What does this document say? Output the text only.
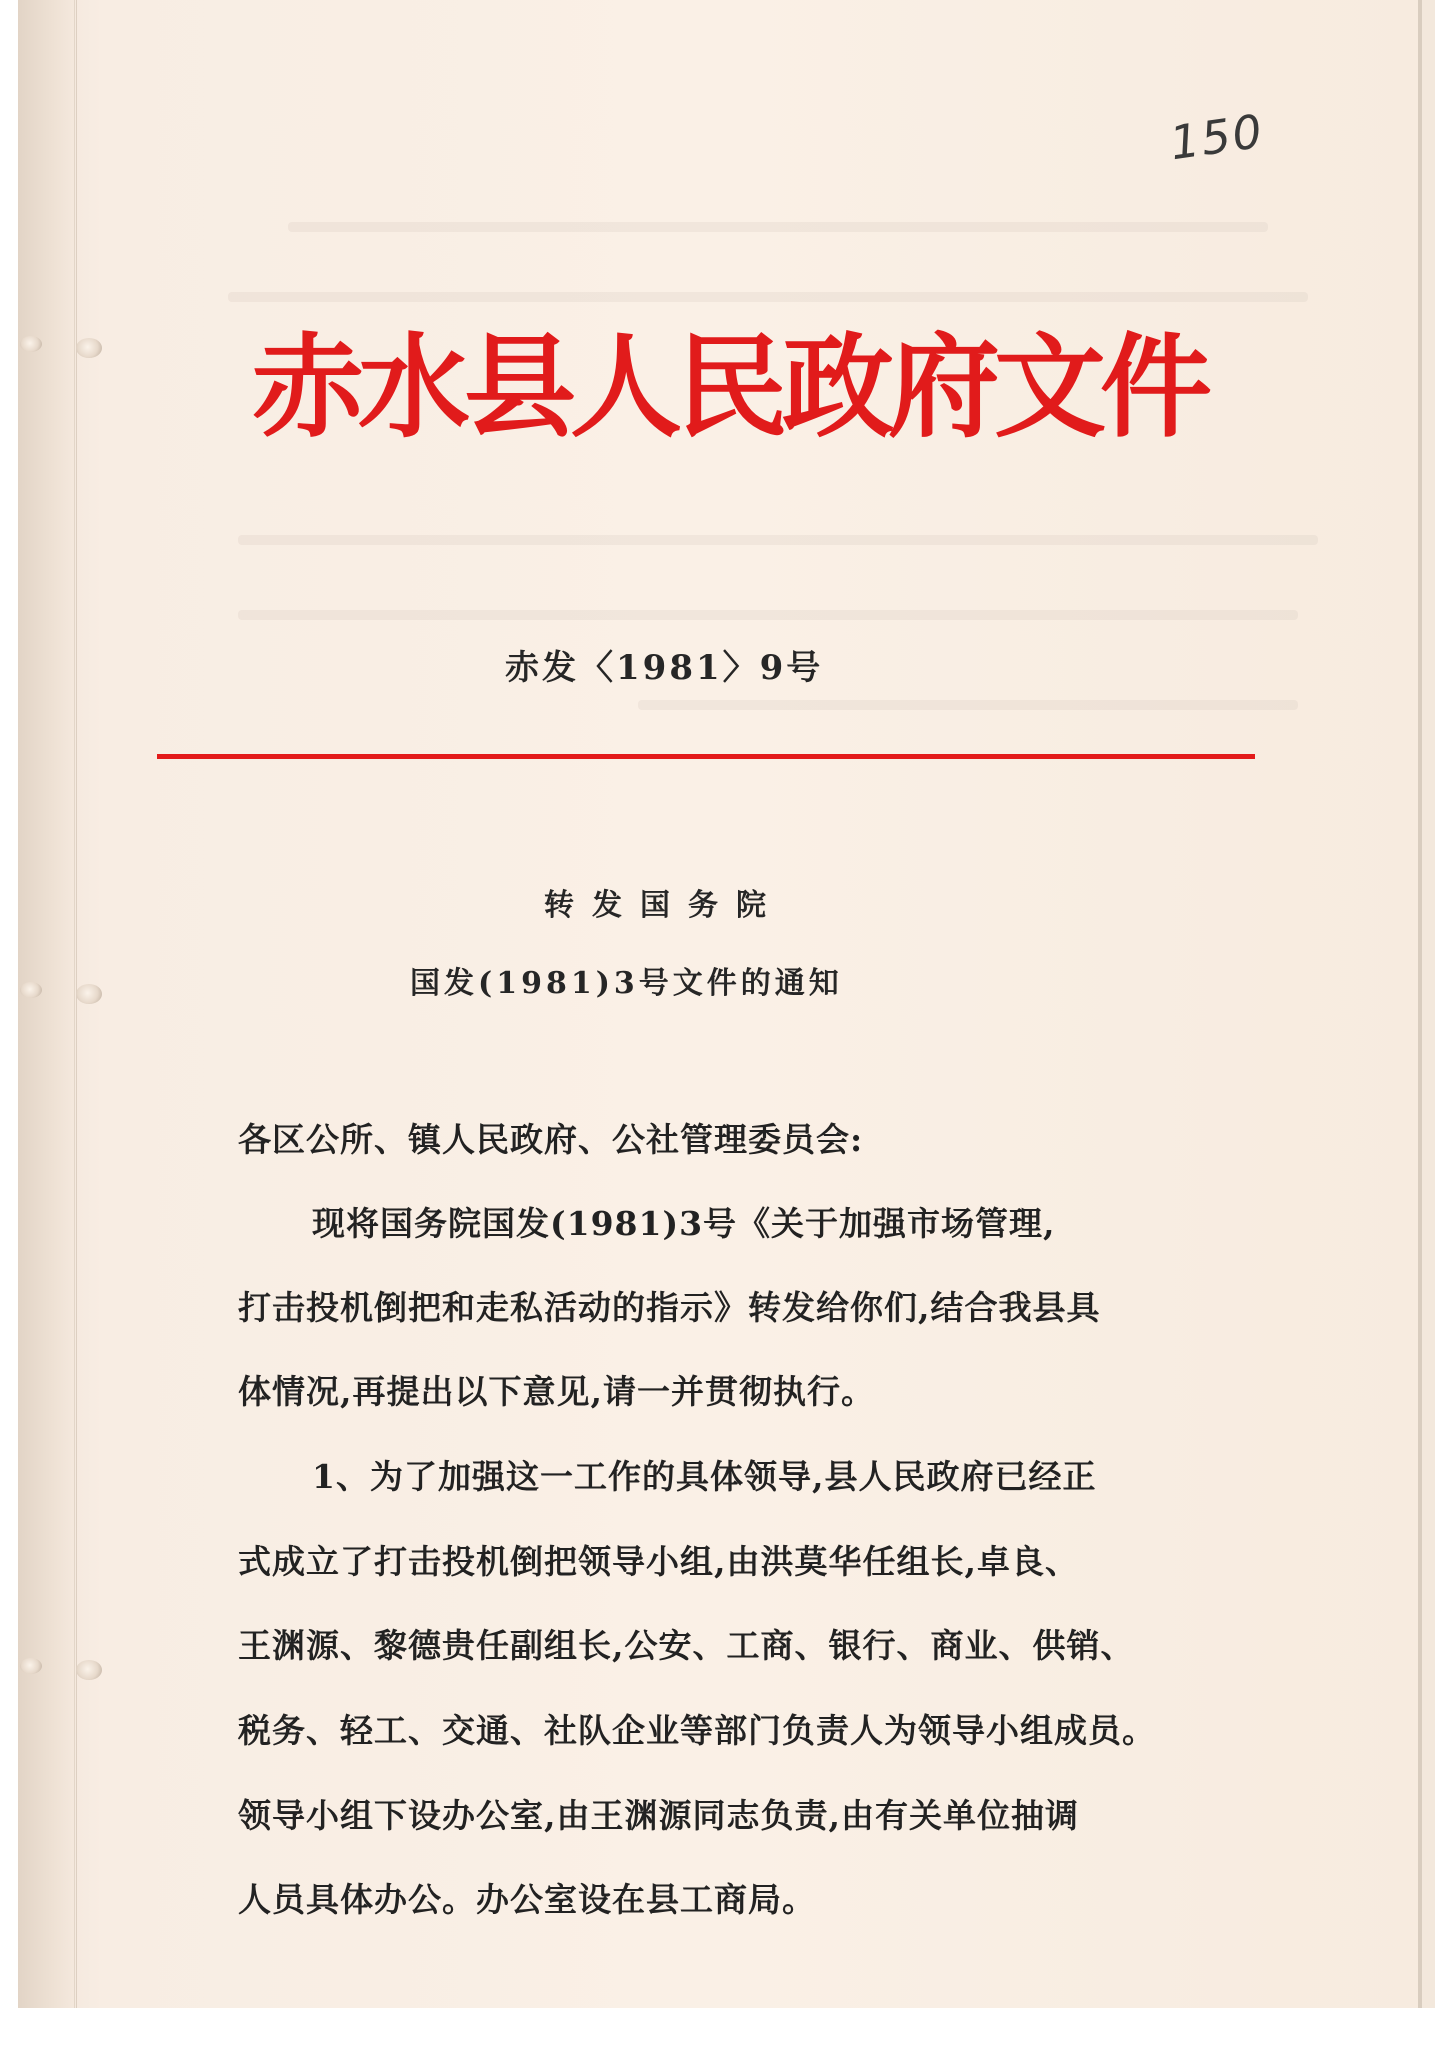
150
赤水县人民政府文件
赤发〈1981〉9号
转发国务院
国发(1981)3号文件的通知

各区公所、镇人民政府、公社管理委员会:

现将国务院国发(1981)3号《关于加强市场管理,

打击投机倒把和走私活动的指示》转发给你们,结合我县具

体情况,再提出以下意见,请一并贯彻执行。

1、为了加强这一工作的具体领导,县人民政府已经正

式成立了打击投机倒把领导小组,由洪莫华任组长,卓良、

王渊源、黎德贵任副组长,公安、工商、银行、商业、供销、

税务、轻工、交通、社队企业等部门负责人为领导小组成员。

领导小组下设办公室,由王渊源同志负责,由有关单位抽调

人员具体办公。办公室设在县工商局。
